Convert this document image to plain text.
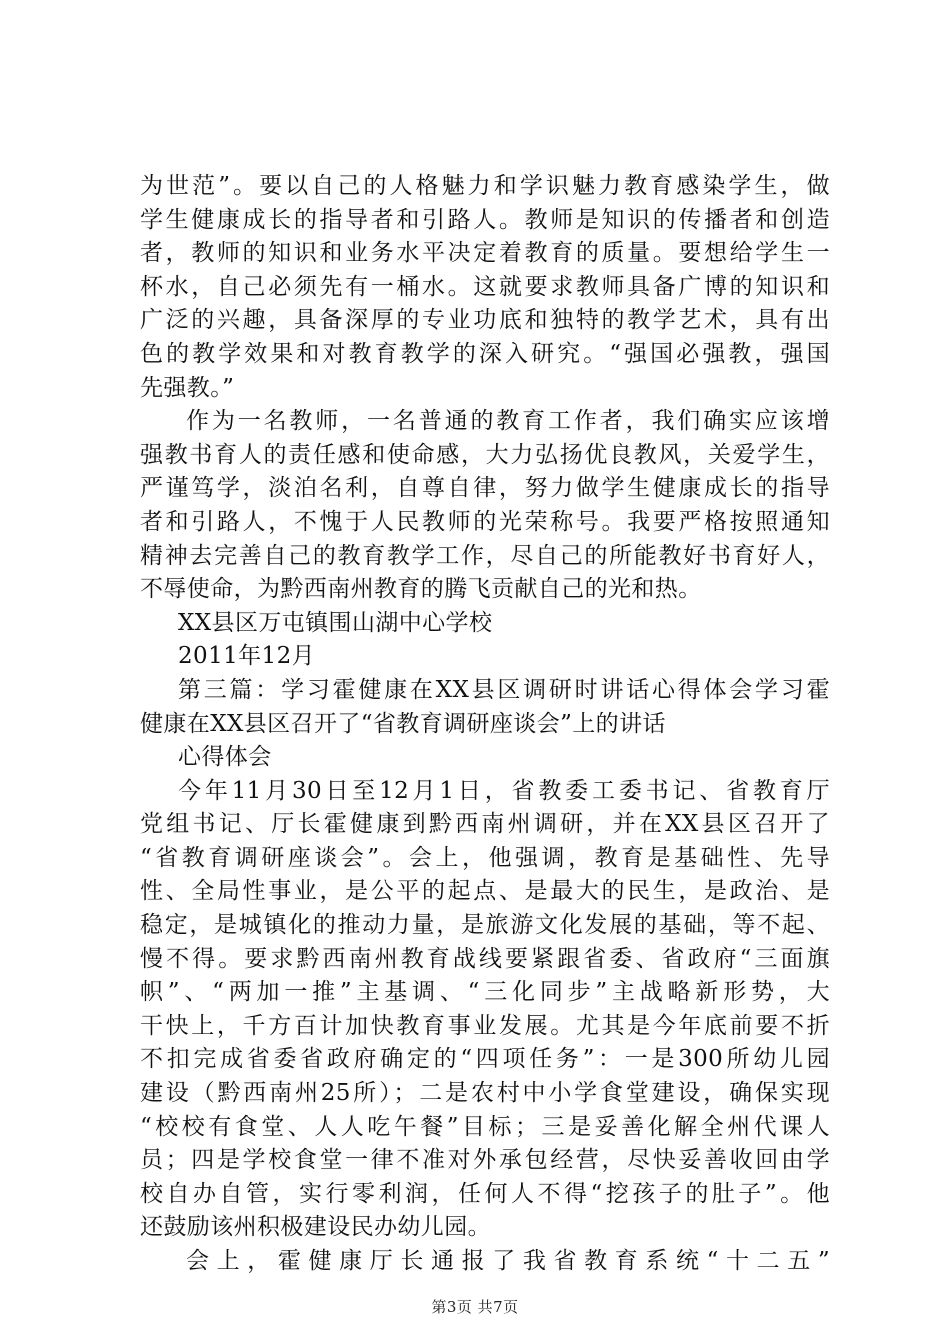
为世范”。要以自己的人格魅力和学识魅力教育感染学生，做
学生健康成长的指导者和引路人。教师是知识的传播者和创造
者，教师的知识和业务水平决定着教育的质量。要想给学生一
杯水，自己必须先有一桶水。这就要求教师具备广博的知识和
广泛的兴趣，具备深厚的专业功底和独特的教学艺术，具有出
色的教学效果和对教育教学的深入研究。“强国必强教，强国
先强教。”
作为一名教师，一名普通的教育工作者，我们确实应该增
强教书育人的责任感和使命感，大力弘扬优良教风，关爱学生，
严谨笃学，淡泊名利，自尊自律，努力做学生健康成长的指导
者和引路人，不愧于人民教师的光荣称号。我要严格按照通知
精神去完善自己的教育教学工作，尽自己的所能教好书育好人，
不辱使命，为黔西南州教育的腾飞贡献自己的光和热。
XX县区万屯镇围山湖中心学校
2011年12月
第三篇：学习霍健康在XX县区调研时讲话心得体会学习霍
健康在XX县区召开了“省教育调研座谈会”上的讲话
心得体会
今年11月30日至12月1日，省教委工委书记、省教育厅
党组书记、厅长霍健康到黔西南州调研，并在XX县区召开了
“省教育调研座谈会”。会上，他强调，教育是基础性、先导
性、全局性事业，是公平的起点、是最大的民生，是政治、是
稳定，是城镇化的推动力量，是旅游文化发展的基础，等不起、
慢不得。要求黔西南州教育战线要紧跟省委、省政府“三面旗
帜”、“两加一推”主基调、“三化同步”主战略新形势，大
干快上，千方百计加快教育事业发展。尤其是今年底前要不折
不扣完成省委省政府确定的“四项任务”：一是300所幼儿园
建设（黔西南州25所）；二是农村中小学食堂建设，确保实现
“校校有食堂、人人吃午餐”目标；三是妥善化解全州代课人
员；四是学校食堂一律不准对外承包经营，尽快妥善收回由学
校自办自管，实行零利润，任何人不得“挖孩子的肚子”。他
还鼓励该州积极建设民办幼儿园。
会上，霍健康厅长通报了我省教育系统“十二五”
第3页 共7页
